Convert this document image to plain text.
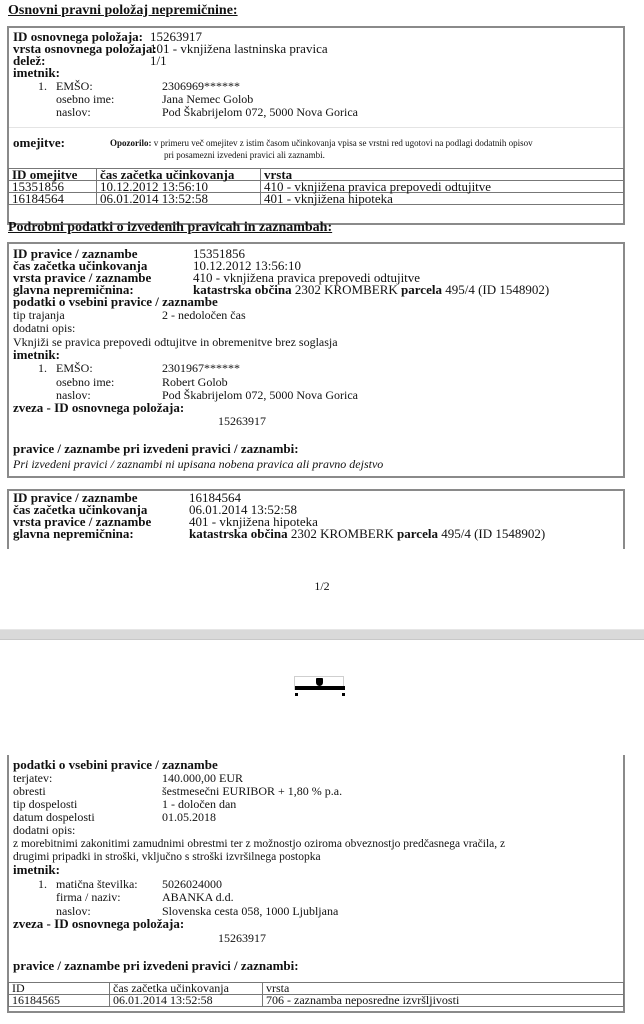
Osnovni pravni položaj nepremičnine:
ID osnovnega položaja: 15263917
vrsta osnovnega položaja:
101 - vknjižena lastninska pravica
delež:	1/1
imetnik:
1. EMŠO:	2306969******
osebno ime:	Jana Nemec Golob
naslov:	Pod Škabrijelom 072, 5000 Nova Gorica
omejitve:	Opozorilo: v primeru več omejitev z istim časom učinkovanja vpisa se vrstni red ugotovi na podlagi dodatnih opisov
pri posamezni izvedeni pravici ali zaznambi.
ID omejitve	čas začetka učinkovanja	vrsta
15351856	10.12.2012 13:56:10	410 - vknjižena pravica prepovedi odtujitve
16184564	06.01.2014 13:52:58	401 - vknjižena hipoteka
Podrobni podatki o izvedenih pravicah in zaznambah:
ID pravice / zaznambe	15351856
čas začetka učinkovanja	10.12.2012 13:56:10
vrsta pravice / zaznambe	410 - vknjižena pravica prepovedi odtujitve
glavna nepremičnina:	katastrska občina 2302 KROMBERK parcela 495/4 (ID 1548902)
podatki o vsebini pravice / zaznambe
tip trajanja	2 - nedoločen čas
dodatni opis:
Vknjiži se pravica prepovedi odtujitve in obremenitve brez soglasja
imetnik:
1. EMŠO:	2301967******
osebno ime:	Robert Golob
naslov:	Pod Škabrijelom 072, 5000 Nova Gorica
zveza - ID osnovnega položaja:
15263917
pravice / zaznambe pri izvedeni pravici / zaznambi:
Pri izvedeni pravici / zaznambi ni upisana nobena pravica ali pravno dejstvo
ID pravice / zaznambe	16184564
čas začetka učinkovanja	06.01.2014 13:52:58
vrsta pravice / zaznambe	401 - vknjižena hipoteka
glavna nepremičnina:	katastrska občina 2302 KROMBERK parcela 495/4 (ID 1548902)
1/2
podatki o vsebini pravice / zaznambe
terjatev:	140.000,00 EUR
obresti	šestmesečni EURIBOR + 1,80 % p.a.
tip dospelosti	1 - določen dan
datum dospelosti	01.05.2018
dodatni opis:
z morebitnimi zakonitimi zamudnimi obrestmi ter z možnostjo oziroma obveznostjo predčasnega vračila, z
drugimi pripadki in stroški, vključno s stroški izvršilnega postopka
imetnik:
1. matična številka: 5026024000
firma / naziv:	ABANKA d.d.
naslov:	Slovenska cesta 058, 1000 Ljubljana
zveza - ID osnovnega položaja:
15263917
pravice / zaznambe pri izvedeni pravici / zaznambi:
ID	čas začetka učinkovanja	vrsta
16184565	06.01.2014 13:52:58	706 - zaznamba neposredne izvršljivosti
